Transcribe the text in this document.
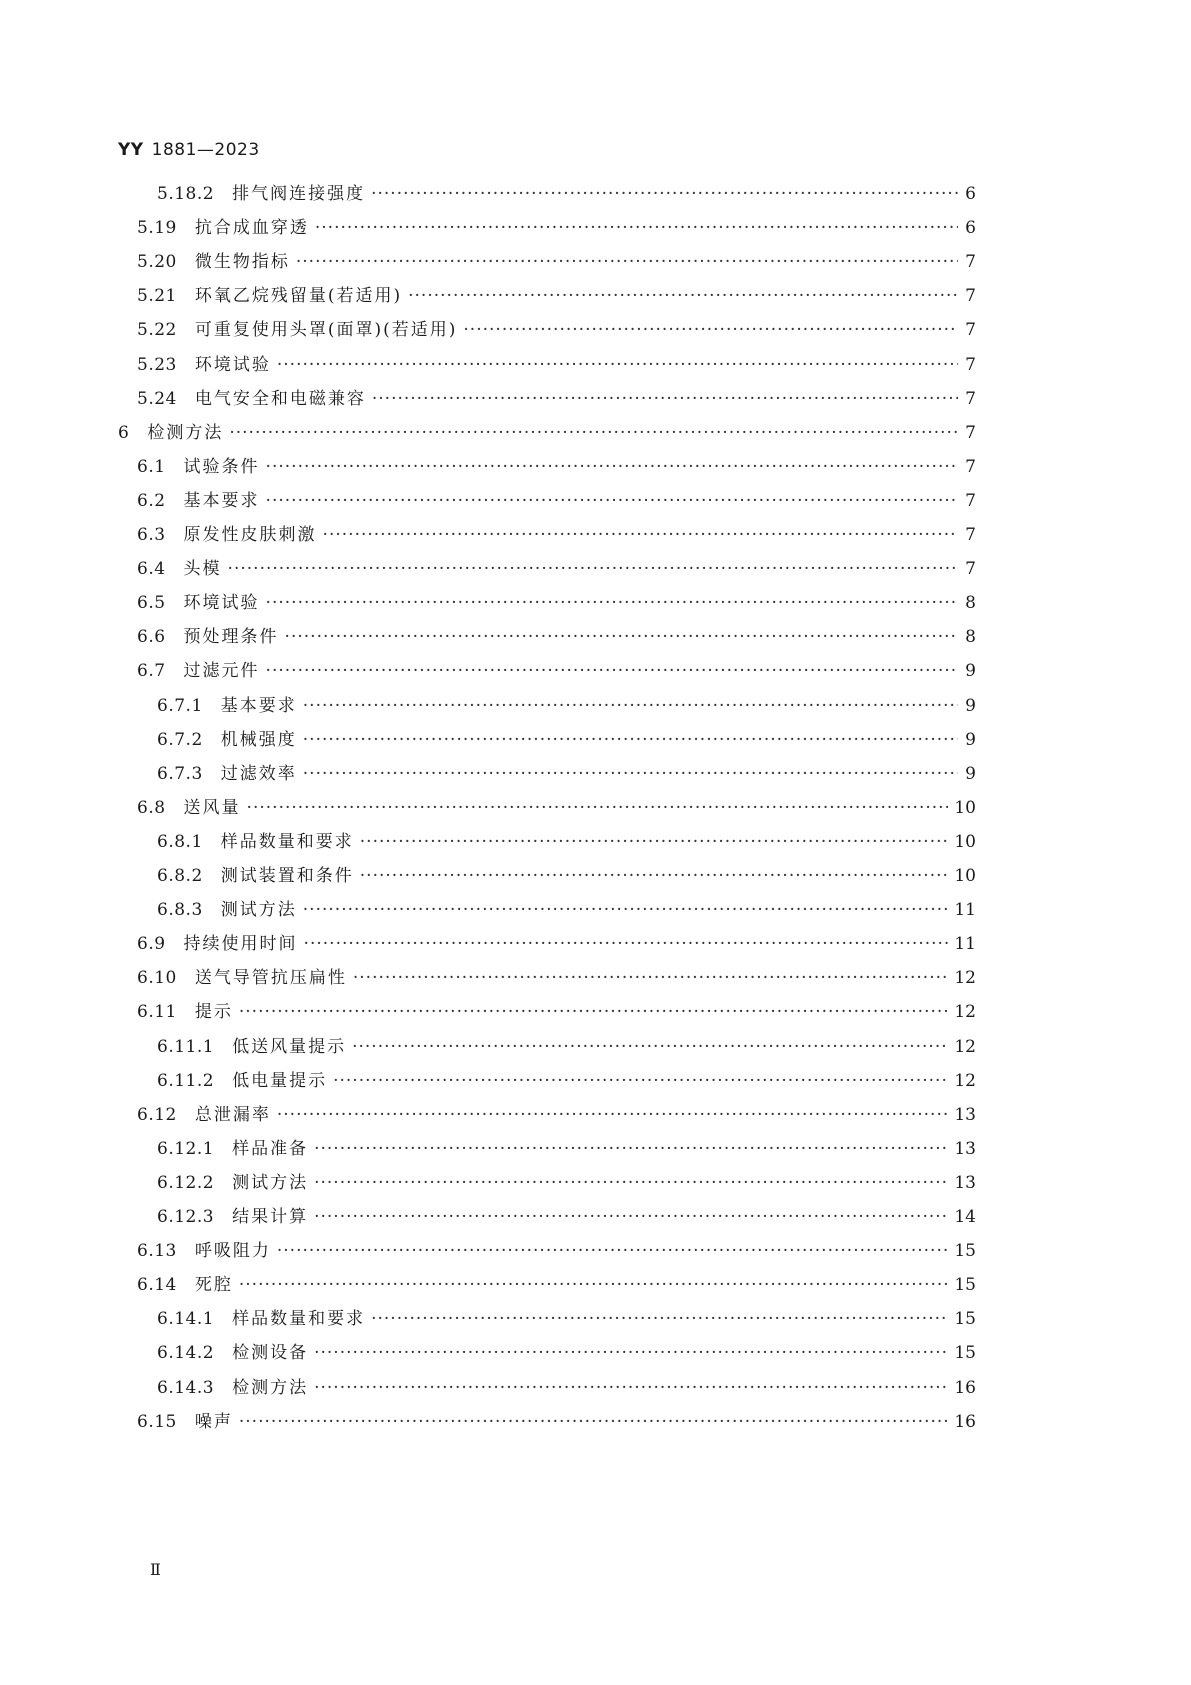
YY 1881—2023
5.18.2 排气阀连接强度 ·····	6
5.19 抗合成血穿透 ·····	6
5.20 微生物指标 ·····	7
5.21 环氧乙烷残留量(若适用) ·····	7
5.22 可重复使用头罩(面罩)(若适用) ·····	7
5.23 环境试验 ·····	7
5.24 电气安全和电磁兼容 ·····	7
6 检测方法 ·····	7
6.1 试验条件 ·····	7
6.2 基本要求 ·····	7
6.3 原发性皮肤刺激 ·····	7
6.4 头模 ·····	7
6.5 环境试验 ·····	8
6.6 预处理条件 ·····	8
6.7 过滤元件 ·····	9
6.7.1 基本要求 ·····	9
6.7.2 机械强度 ·····	9
6.7.3 过滤效率 ·····	9
6.8 送风量 ·····	10
6.8.1 样品数量和要求 ·····	10
6.8.2 测试装置和条件 ·····	10
6.8.3 测试方法 ·····	11
6.9 持续使用时间 ·····	11
6.10 送气导管抗压扁性 ·····	12
6.11 提示 ·····	12
6.11.1 低送风量提示 ·····	12
6.11.2 低电量提示 ·····	12
6.12 总泄漏率 ·····	13
6.12.1 样品准备 ·····	13
6.12.2 测试方法 ·····	13
6.12.3 结果计算 ·····	14
6.13 呼吸阻力 ·····	15
6.14 死腔 ·····	15
6.14.1 样品数量和要求 ·····	15
6.14.2 检测设备 ·····	15
6.14.3 检测方法 ·····	16
6.15 噪声 ·····	16
Ⅱ
